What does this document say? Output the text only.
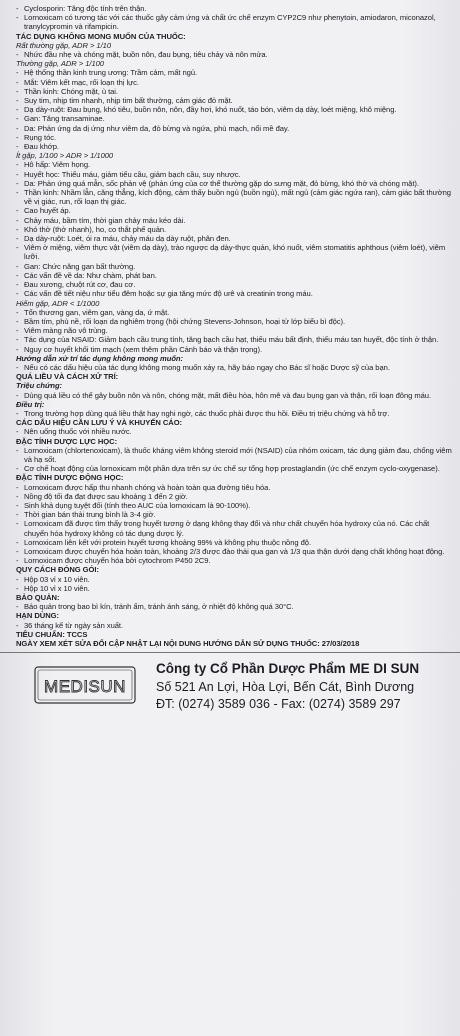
- Cyclosporin: Tăng độc tính trên thận.

- Lornoxicam có tương tác với các thuốc gây cảm ứng và chất ức chế enzym CYP2C9 như phenytoin, amiodaron, miconazol, tranylcypromin và rifampicin.

TÁC DỤNG KHÔNG MONG MUỐN CỦA THUỐC:

Rất thường gặp, ADR > 1/10

- Nhức đầu nhẹ và chóng mặt, buồn nôn, đau bụng, tiêu chảy và nôn mửa.

Thường gặp, ADR > 1/100

- Hệ thống thần kinh trung ương: Trầm cảm, mất ngủ.

- Mắt: Viêm kết mạc, rối loạn thị lực.

- Thần kinh: Chóng mặt, ù tai.

- Suy tim, nhịp tim nhanh, nhịp tim bất thường, cảm giác đỏ mặt.

- Dạ dày-ruột: Đau bụng, khó tiêu, buồn nôn, nôn, đầy hơi, khó nuốt, táo bón, viêm dạ dày, loét miệng, khô miệng.

- Gan: Tăng transaminae.

- Da: Phản ứng da dị ứng như viêm da, đỏ bừng và ngứa, phù mạch, nổi mề đay.

- Rụng tóc.

- Đau khớp.

Ít gặp, 1/100 > ADR > 1/1000

- Hô hấp: Viêm họng.

- Huyết học: Thiếu máu, giảm tiểu cầu, giảm bạch cầu, suy nhược.

- Da: Phản ứng quá mẫn, sốc phản vệ (phản ứng của cơ thể thường gặp do sưng mặt, đỏ bừng, khó thở và chóng mặt).

- Thần kinh: Nhầm lẫn, căng thẳng, kích động, cảm thấy buồn ngủ (buồn ngủ), mất ngủ (cảm giác ngứa ran), cảm giác bất thường về vị giác, run, rối loạn thị giác.

- Cao huyết áp.

- Chảy máu, bầm tím, thời gian chảy máu kéo dài.

- Khó thở (thở nhanh), ho, co thắt phế quản.

- Dạ dày-ruột: Loét, ói ra máu, chảy máu dạ dày ruột, phân đen.

- Viêm ở miệng, viêm thực vật (viêm dạ dày), trào ngược dạ dày-thực quản, khó nuốt, viêm stomatitis aphthous (viêm loét), viêm lưỡi.

- Gan: Chức năng gan bất thường.

- Các vấn đề về da: Như chàm, phát ban.

- Đau xương, chuột rút cơ, đau cơ.

- Các vấn đề tiết niệu như tiểu đêm hoặc sự gia tăng mức độ urê và creatinin trong máu.

Hiếm gặp, ADR < 1/1000

- Tổn thương gan, viêm gan, vàng da, ứ mật.

- Bầm tím, phù nề, rối loạn da nghiêm trọng (hội chứng Stevens-Johnson, hoại tử lớp biểu bì độc).

- Viêm màng não vô trùng.

- Tác dụng của NSAID: Giảm bạch cầu trung tính, tăng bạch cầu hạt, thiếu máu bất định, thiếu máu tan huyết, độc tính ở thận.

- Nguy cơ huyết khối tim mạch (xem thêm phần Cảnh báo và thận trọng).

Hướng dẫn xử trí tác dụng không mong muốn:

- Nếu có các dấu hiệu của tác dụng không mong muốn xảy ra, hãy báo ngay cho Bác sĩ hoặc Dược sỹ của bạn.

QUÁ LIỀU VÀ CÁCH XỬ TRÍ:

Triệu chứng:

- Dùng quá liều có thể gây buồn nôn và nôn, chóng mặt, mất điều hòa, hôn mê và đau bụng gan và thận, rối loạn đông máu.

Điều trị:

- Trong trường hợp dùng quá liều thật hay nghi ngờ, các thuốc phải được thu hồi. Điều trị triệu chứng và hỗ trợ.

CÁC DẤU HIỆU CẦN LƯU Ý VÀ KHUYẾN CÁO:

- Nên uống thuốc với nhiều nước.

ĐẶC TÍNH DƯỢC LỰC HỌC:

- Lornoxicam (chlortenoxicam), là thuốc kháng viêm không steroid mới (NSAID) của nhóm oxicam, tác dụng giảm đau, chống viêm và hạ sốt.

- Cơ chế hoạt động của lornoxicam một phần dựa trên sự ức chế sự tổng hợp prostaglandin (ức chế enzym cyclo-oxygenase).

ĐẶC TÍNH DƯỢC ĐỘNG HỌC:

- Lornoxicam được hấp thu nhanh chóng và hoàn toàn qua đường tiêu hóa.

- Nồng độ tối đa đạt được sau khoảng 1 đến 2 giờ.

- Sinh khả dụng tuyệt đối (tính theo AUC của lornoxicam là 90-100%).

- Thời gian bán thải trung bình là 3-4 giờ.

- Lornoxicam đã được tìm thấy trong huyết tương ở dạng không thay đổi và như chất chuyển hóa hydroxy của nó. Các chất chuyển hóa hydroxy không có tác dụng dược lý.

- Lornoxicam liên kết với protein huyết tương khoảng 99% và không phụ thuộc nồng độ.

- Lornoxicam được chuyển hóa hoàn toàn, khoảng 2/3 được đào thải qua gan và 1/3 qua thận dưới dạng chất không hoạt động.

- Lornoxicam được chuyển hóa bởi cytochrom P450 2C9.

QUY CÁCH ĐÓNG GÓI:

- Hộp 03 vỉ x 10 viên.

- Hộp 10 vỉ x 10 viên.

BẢO QUẢN:

- Bảo quản trong bao bì kín, tránh ẩm, tránh ánh sáng, ở nhiệt độ không quá 30°C.

HẠN DÙNG:

- 36 tháng kể từ ngày sản xuất.

TIÊU CHUẨN: TCCS

NGÀY XEM XÉT SỬA ĐỔI CẬP NHẬT LẠI NỘI DUNG HƯỚNG DẪN SỬ DỤNG THUỐC: 27/03/2018

MEDISUN
Công ty Cổ Phần Dược Phẩm ME DI SUN
Số 521 An Lợi, Hòa Lợi, Bến Cát, Bình Dương
ĐT: (0274) 3589 036 - Fax: (0274) 3589 297
